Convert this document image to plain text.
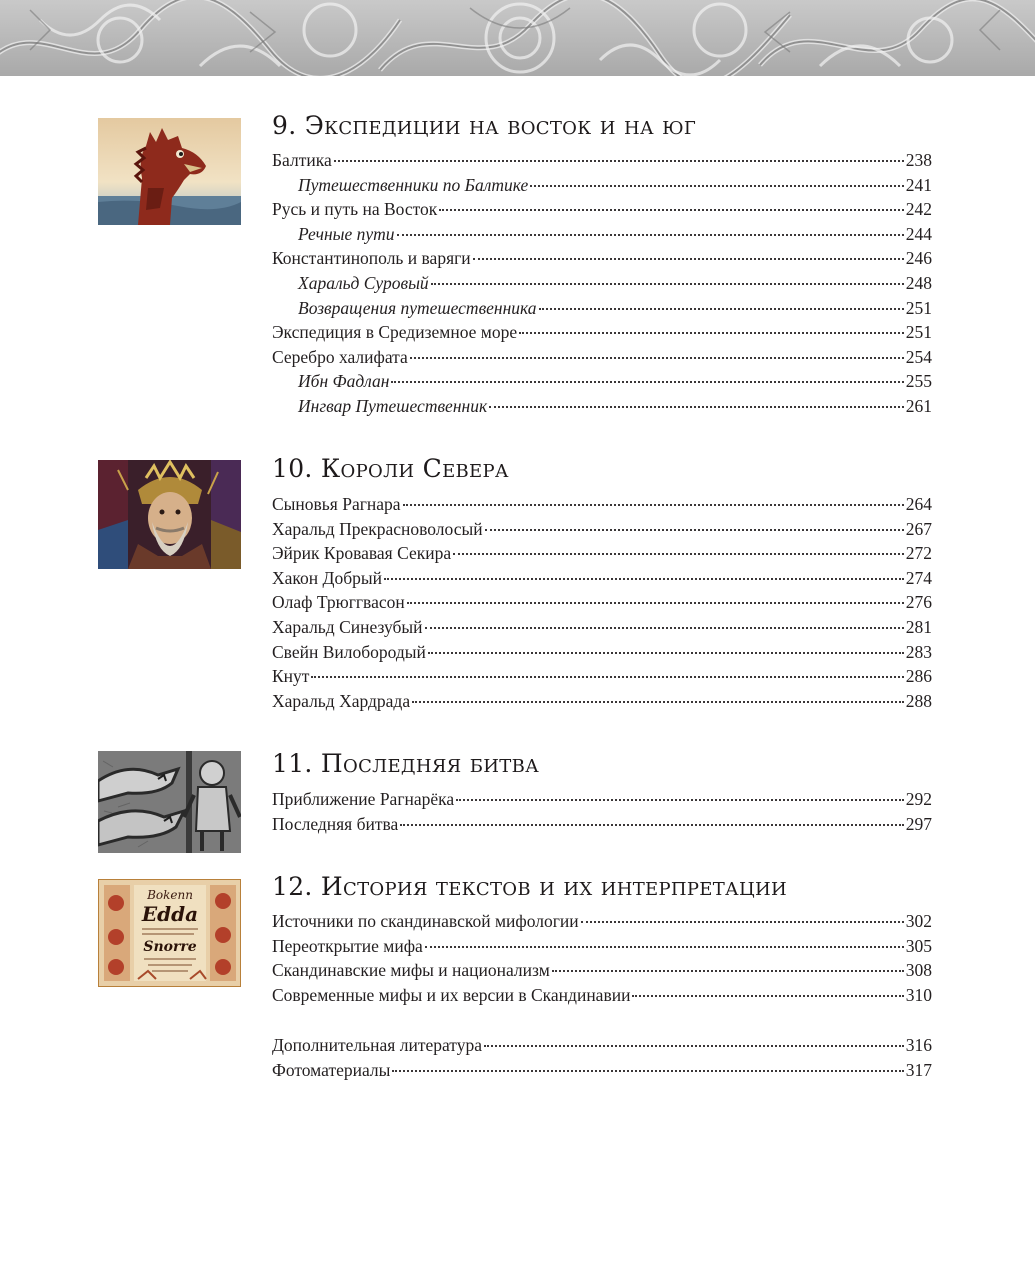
9. Экспедиции на восток и на юг
Балтика	238
Путешественники по Балтике	241
Русь и путь на Восток	242
Речные пути	244
Константинополь и варяги	246
Харальд Суровый	248
Возвращения путешественника	251
Экспедиция в Средиземное море	251
Серебро халифата	254
Ибн Фадлан	255
Ингвар Путешественник	261
10. Короли Севера
Сыновья Рагнара	264
Харальд Прекрасноволосый	267
Эйрик Кровавая Секира	272
Хакон Добрый	274
Олаф Трюггвасон	276
Харальд Синезубый	281
Свейн Вилобородый	283
Кнут	286
Харальд Хардрада	288
11. Последняя битва
Приближение Рагнарёка	292
Последняя битва	297
Bokenn
Edda
Snorre
12. История текстов и их интерпретации
Источники по скандинавской мифологии	302
Переоткрытие мифа	305
Скандинавские мифы и национализм	308
Современные мифы и их версии в Скандинавии	310
Дополнительная литература	316
Фотоматериалы	317
